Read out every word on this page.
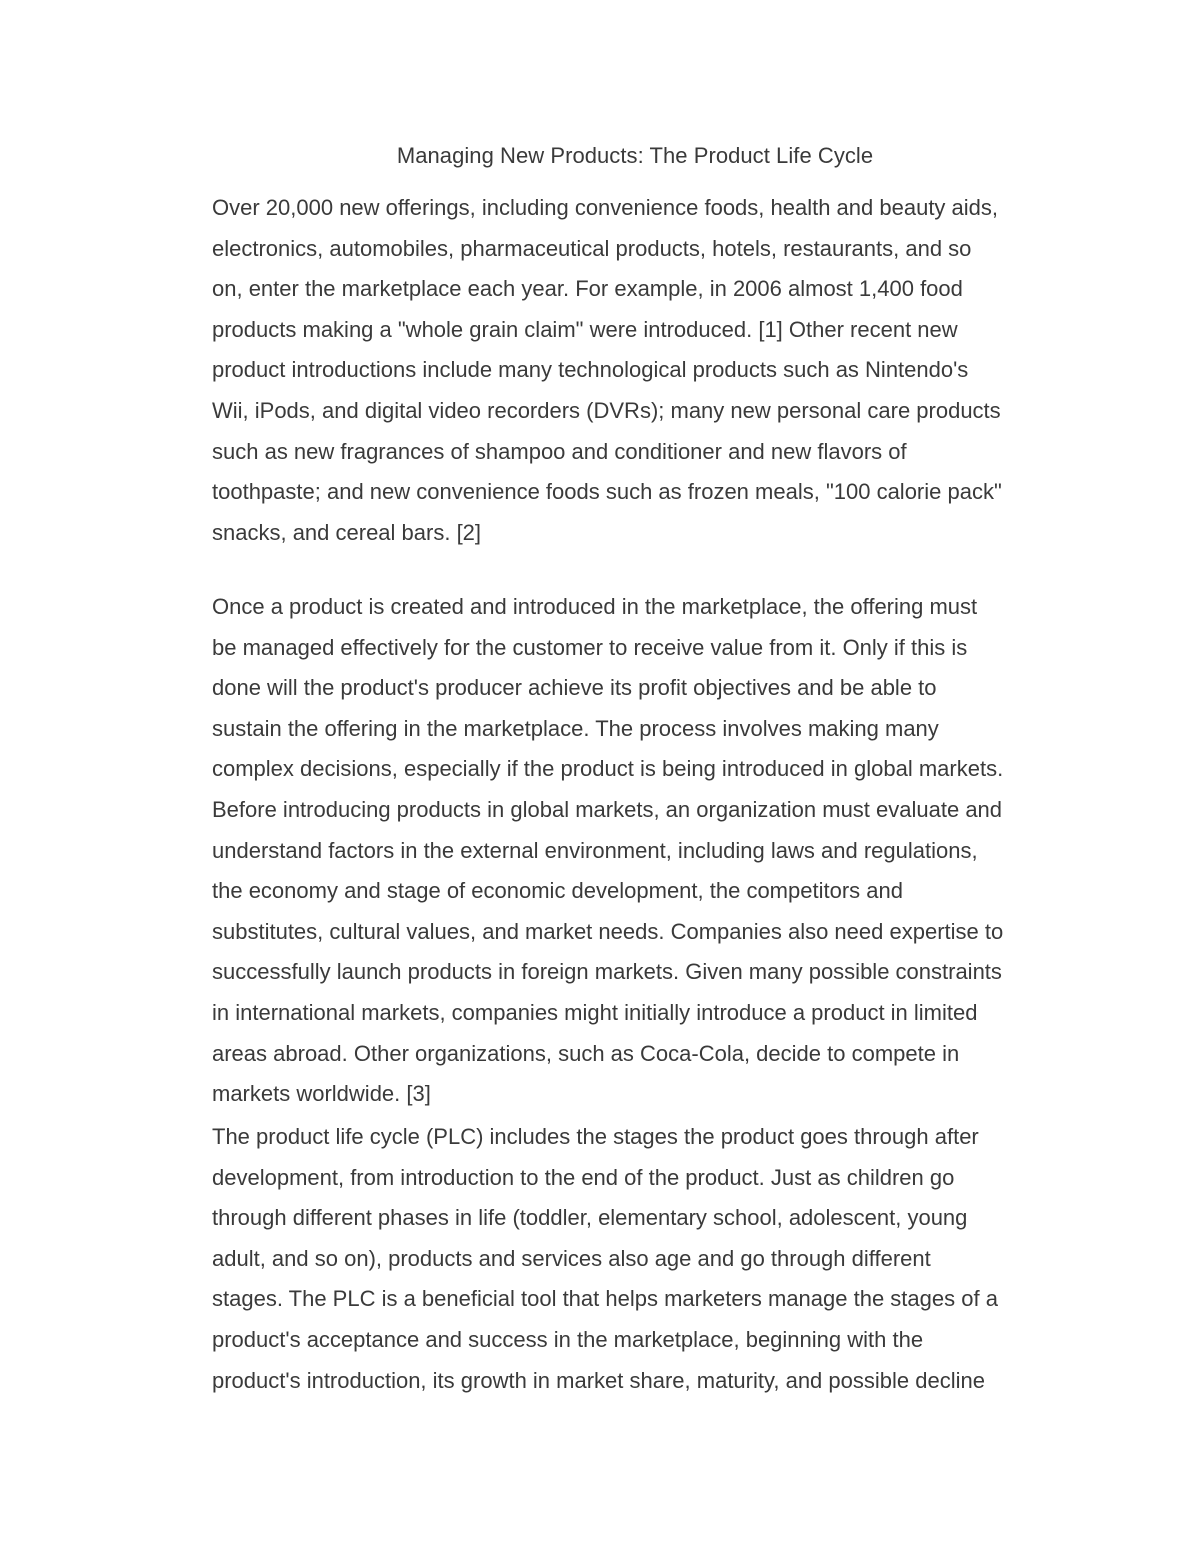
Managing New Products: The Product Life Cycle
Over 20,000 new offerings, including convenience foods, health and beauty aids,
electronics, automobiles, pharmaceutical products, hotels, restaurants, and so
on, enter the marketplace each year. For example, in 2006 almost 1,400 food
products making a "whole grain claim" were introduced. [1] Other recent new
product introductions include many technological products such as Nintendo's
Wii, iPods, and digital video recorders (DVRs); many new personal care products
such as new fragrances of shampoo and conditioner and new flavors of
toothpaste; and new convenience foods such as frozen meals, "100 calorie pack"
snacks, and cereal bars. [2]
Once a product is created and introduced in the marketplace, the offering must
be managed effectively for the customer to receive value from it. Only if this is
done will the product's producer achieve its profit objectives and be able to
sustain the offering in the marketplace. The process involves making many
complex decisions, especially if the product is being introduced in global markets.
Before introducing products in global markets, an organization must evaluate and
understand factors in the external environment, including laws and regulations,
the economy and stage of economic development, the competitors and
substitutes, cultural values, and market needs. Companies also need expertise to
successfully launch products in foreign markets. Given many possible constraints
in international markets, companies might initially introduce a product in limited
areas abroad. Other organizations, such as Coca-Cola, decide to compete in
markets worldwide. [3]
The product life cycle (PLC) includes the stages the product goes through after
development, from introduction to the end of the product. Just as children go
through different phases in life (toddler, elementary school, adolescent, young
adult, and so on), products and services also age and go through different
stages. The PLC is a beneficial tool that helps marketers manage the stages of a
product's acceptance and success in the marketplace, beginning with the
product's introduction, its growth in market share, maturity, and possible decline
